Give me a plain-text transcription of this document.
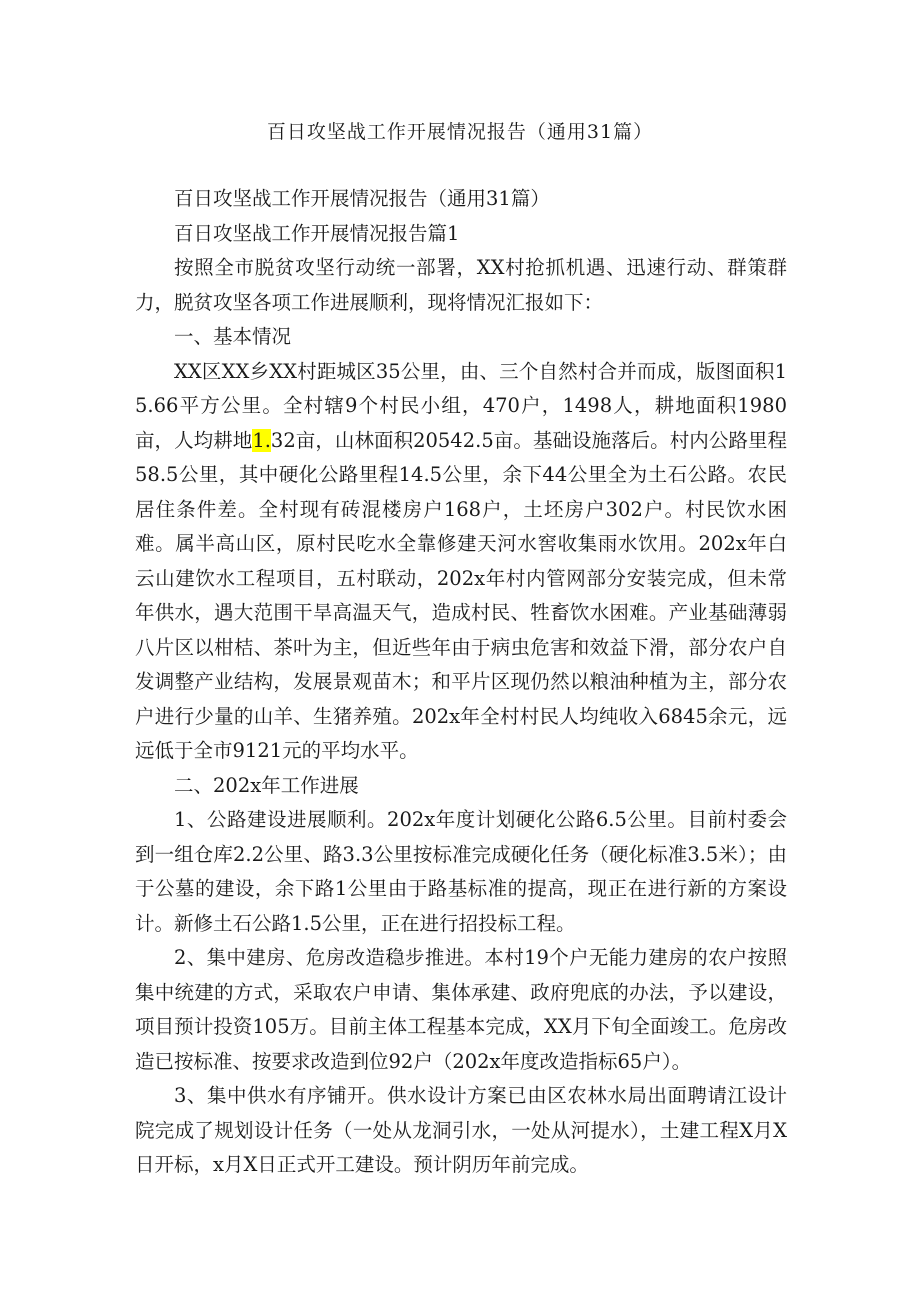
百日攻坚战工作开展情况报告（通用31篇）

百日攻坚战工作开展情况报告（通用31篇）

百日攻坚战工作开展情况报告篇1

按照全市脱贫攻坚行动统一部署，XX村抢抓机遇、迅速行动、群策群力，脱贫攻坚各项工作进展顺利，现将情况汇报如下：

一、基本情况

XX区XX乡XX村距城区35公里，由、三个自然村合并而成，版图面积15.66平方公里。全村辖9个村民小组，470户，1498人，耕地面积1980亩，人均耕地1.32亩，山林面积20542.5亩。基础设施落后。村内公路里程58.5公里，其中硬化公路里程14.5公里，余下44公里全为土石公路。农民居住条件差。全村现有砖混楼房户168户，土坯房户302户。村民饮水困难。属半高山区，原村民吃水全靠修建天河水窖收集雨水饮用。202x年白云山建饮水工程项目，五村联动，202x年村内管网部分安装完成，但未常年供水，遇大范围干旱高温天气，造成村民、牲畜饮水困难。产业基础薄弱八片区以柑桔、茶叶为主，但近些年由于病虫危害和效益下滑，部分农户自发调整产业结构，发展景观苗木；和平片区现仍然以粮油种植为主，部分农户进行少量的山羊、生猪养殖。202x年全村村民人均纯收入6845余元，远远低于全市9121元的平均水平。

二、202x年工作进展

1、公路建设进展顺利。202x年度计划硬化公路6.5公里。目前村委会到一组仓库2.2公里、路3.3公里按标准完成硬化任务（硬化标准3.5米）；由于公墓的建设，余下路1公里由于路基标准的提高，现正在进行新的方案设计。新修土石公路1.5公里，正在进行招投标工程。

2、集中建房、危房改造稳步推进。本村19个户无能力建房的农户按照集中统建的方式，采取农户申请、集体承建、政府兜底的办法，予以建设，项目预计投资105万。目前主体工程基本完成，XX月下旬全面竣工。危房改造已按标准、按要求改造到位92户（202x年度改造指标65户）。

3、集中供水有序铺开。供水设计方案已由区农林水局出面聘请江设计院完成了规划设计任务（一处从龙洞引水，一处从河提水），土建工程X月X日开标，x月X日正式开工建设。预计阴历年前完成。
